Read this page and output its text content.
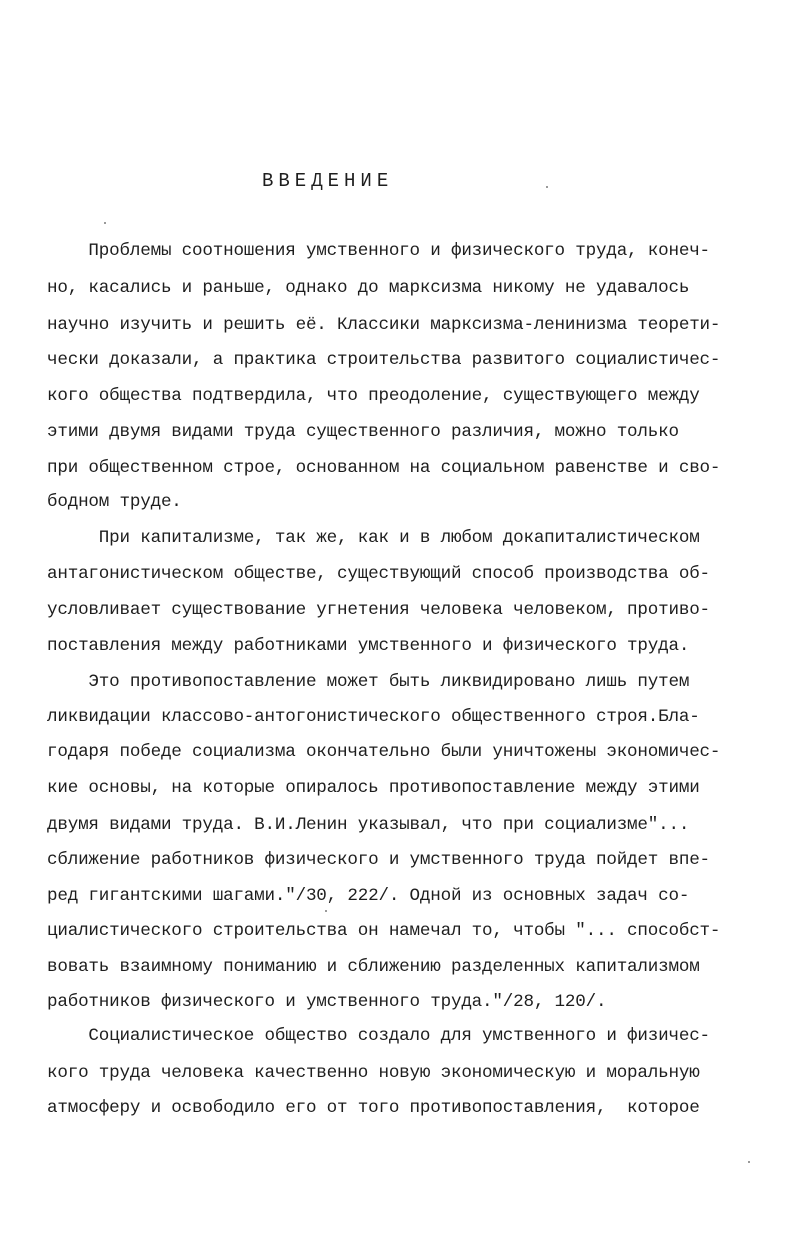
ВВЕДЕНИЕ
Проблемы соотношения умственного и физического труда, конеч-
но, касались и раньше, однако до марксизма никому не удавалось
научно изучить и решить её. Классики марксизма-ленинизма теорети-
чески доказали, а практика строительства развитого социалистичес-
кого общества подтвердила, что преодоление, существующего между
этими двумя видами труда существенного различия, можно только
при общественном строе, основанном на социальном равенстве и сво-
бодном труде.
При капитализме, так же, как и в любом докапиталистическом
антагонистическом обществе, существующий способ производства об-
условливает существование угнетения человека человеком, противо-
поставления между работниками умственного и физического труда.
Это противопоставление может быть ликвидировано лишь путем
ликвидации классово-антогонистического общественного строя.Бла-
годаря победе социализма окончательно были уничтожены экономичес-
кие основы, на которые опиралось противопоставление между этими
двумя видами труда. В.И.Ленин указывал, что при социализме"...
сближение работников физического и умственного труда пойдет впе-
ред гигантскими шагами."/30, 222/. Одной из основных задач со-
циалистического строительства он намечал то, чтобы "... способст-
вовать взаимному пониманию и сближению разделенных капитализмом
работников физического и умственного труда."/28, 120/.
Социалистическое общество создало для умственного и физичес-
кого труда человека качественно новую экономическую и моральную
атмосферу и освободило его от того противопоставления,  которое
